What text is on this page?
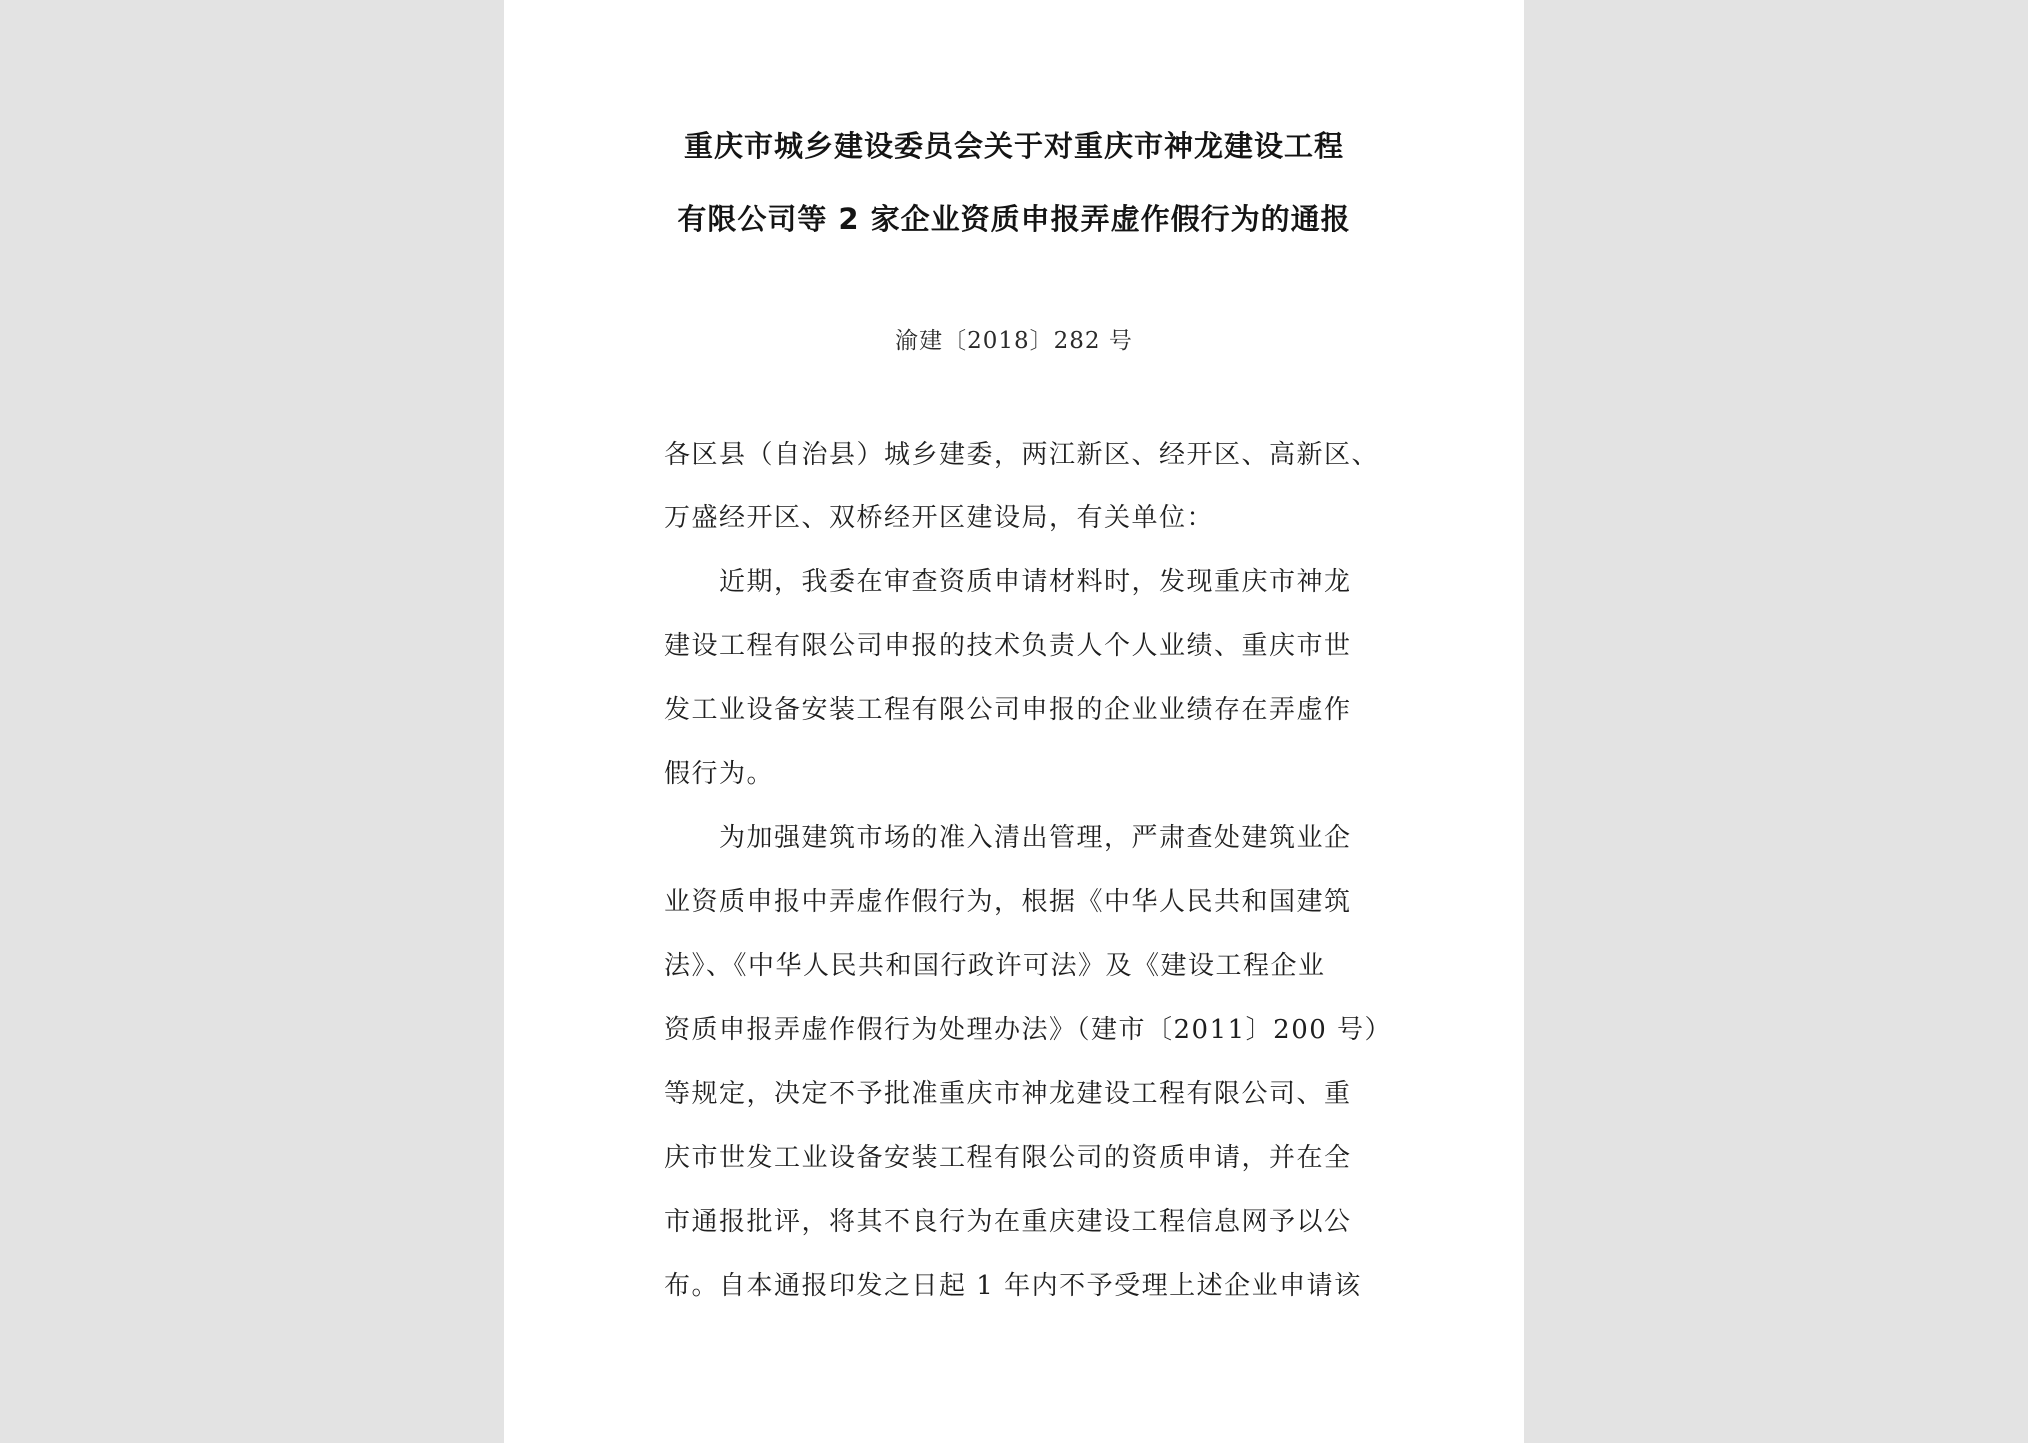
重庆市城乡建设委员会关于对重庆市神龙建设工程
有限公司等 2 家企业资质申报弄虚作假行为的通报
渝建〔2018〕282 号
各区县（自治县）城乡建委，两江新区、经开区、高新区、
万盛经开区、双桥经开区建设局，有关单位：
近期，我委在审查资质申请材料时，发现重庆市神龙
建设工程有限公司申报的技术负责人个人业绩、重庆市世
发工业设备安装工程有限公司申报的企业业绩存在弄虚作
假行为。
为加强建筑市场的准入清出管理，严肃查处建筑业企
业资质申报中弄虚作假行为，根据《中华人民共和国建筑
法》、《中华人民共和国行政许可法》及《建设工程企业
资质申报弄虚作假行为处理办法》（建市〔2011〕200 号）
等规定，决定不予批准重庆市神龙建设工程有限公司、重
庆市世发工业设备安装工程有限公司的资质申请，并在全
市通报批评，将其不良行为在重庆建设工程信息网予以公
布。自本通报印发之日起 1 年内不予受理上述企业申请该
